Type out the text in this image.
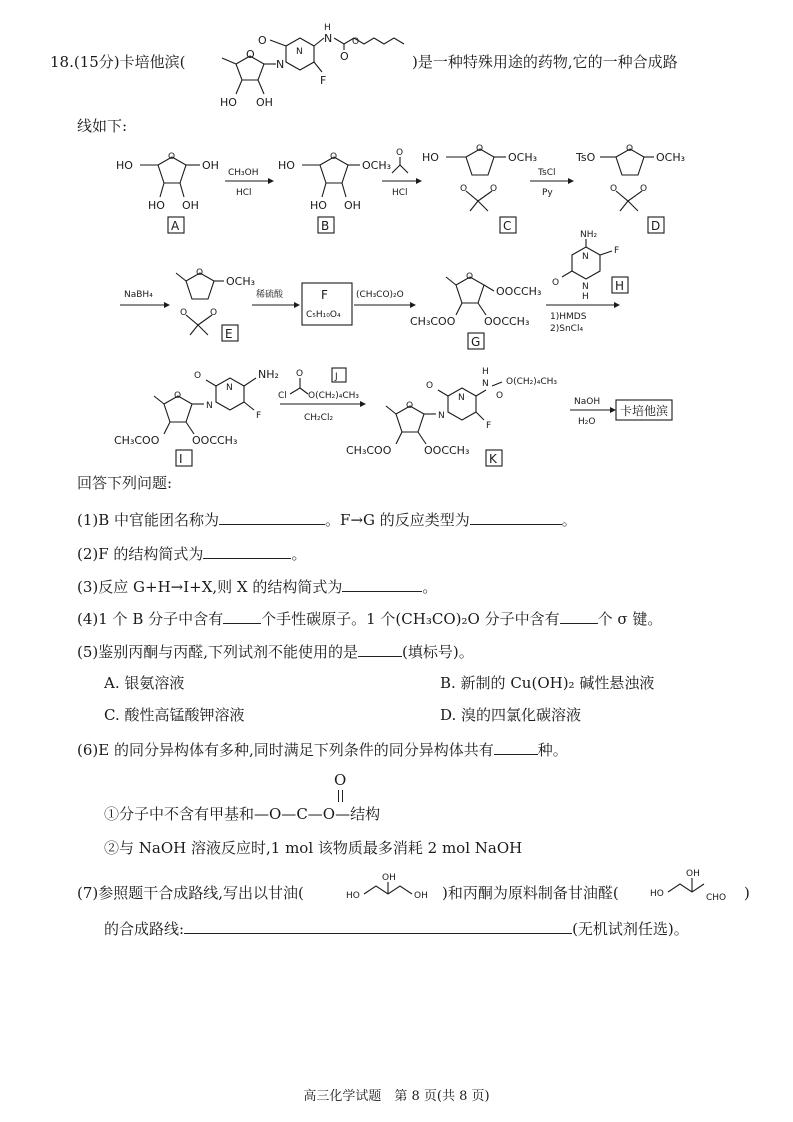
18.(15分)卡培他滨(	O
HO OH
N
O
N
F
N
H
O
O
)是一种特殊用途的药物,它的一种合成路
线如下:
O
HO	OH
HO OH
A
CH₃OH
HCl
O
HO	OCH₃
HO OH
B
O
HCl
O
HO	OCH₃
O	O
C
TsCl
Py
O
TsO	OCH₃
O	O
D
NaBH₄
O
OCH₃
O	O
E
稀硫酸	F
C₅H₁₀O₄
(CH₃CO)₂O
O
OOCCH₃
CH₃COO	OOCCH₃
G
1)HMDS
2)SnCl₄
N
N
H
NH₂
F
O	H
O
N
N
O	NH₂
F
CH₃COO	OOCCH₃
I
Cl
O
O(CH₂)₄CH₃
J
CH₂Cl₂
O
N
N
O	N
H
O
O(CH₂)₄CH₃
F
CH₃COO	OOCCH₃
K
NaOH
H₂O
卡培他滨
回答下列问题:
(1)B 中官能团名称为	。F→G 的反应类型为	。
(2)F 的结构简式为	。
(3)反应 G+H→I+X,则 X 的结构简式为	。
(4)1 个 B 分子中含有	个手性碳原子。1 个(CH₃CO)₂O 分子中含有	个 σ 键。
(5)鉴别丙酮与丙醛,下列试剂不能使用的是	(填标号)。
A. 银氨溶液	B. 新制的 Cu(OH)₂ 碱性悬浊液
C. 酸性高锰酸钾溶液	D. 溴的四氯化碳溶液
(6)E 的同分异构体有多种,同时满足下列条件的同分异构体共有	种。
O
①分子中不含有甲基和—O—C—O—结构
②与 NaOH 溶液反应时,1 mol 该物质最多消耗 2 mol NaOH
(7)参照题干合成路线,写出以甘油(	HO
OH
OH )和丙酮为原料制备甘油醛(	HO
OH
CHO )
的合成路线:	(无机试剂任选)。
高三化学试题　第 8 页(共 8 页)
